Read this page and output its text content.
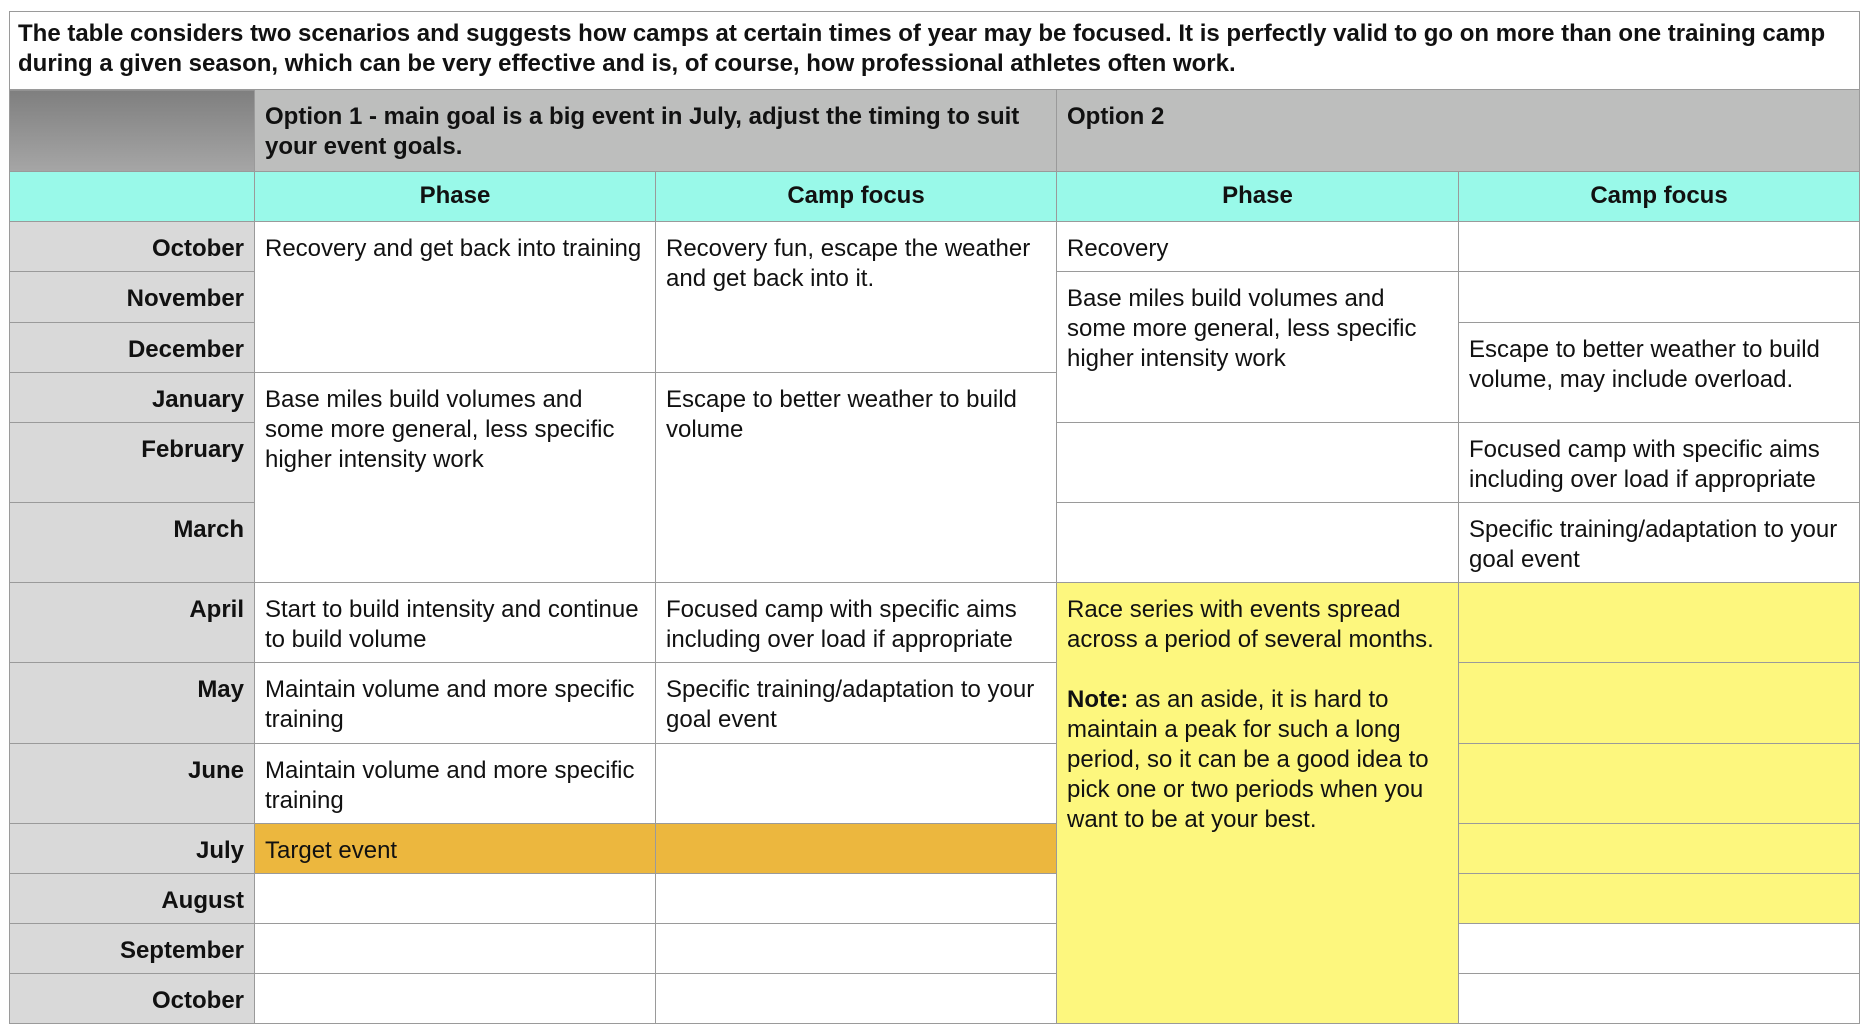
The table considers two scenarios and suggests how camps at certain times of year may be focused. It is perfectly valid to go on more than one training camp during a given season, which can be very effective and is, of course, how professional athletes often work.					
	Option 1 - main goal is a big event in July, adjust the timing to suit your event goals.		Option 2		
	Phase	Camp focus	Phase	Camp focus	
October	Recovery and get back into training	Recovery fun, escape the weather and get back into it.	Recovery		
November			Base miles build volumes and some more general, less specific higher intensity work		
December				Escape to better weather to build volume, may include overload.	
January	Base miles build volumes and some more general, less specific higher intensity work	Escape to better weather to build volume			
February				Focused camp with specific aims including over load if appropriate	
March				Specific training/adaptation to your goal event	
April	Start to build intensity and continue to build volume	Focused camp with specific aims including over load if appropriate	Race series with events spread across a period of several months.
Note: as an aside, it is hard to maintain a peak for such a long period, so it can be a good idea to pick one or two periods when you want to be at your best.		
May	Maintain volume and more specific training	Specific training/adaptation to your goal event			
June	Maintain volume and more specific training				
July	Target event				
August					
September					
October					
